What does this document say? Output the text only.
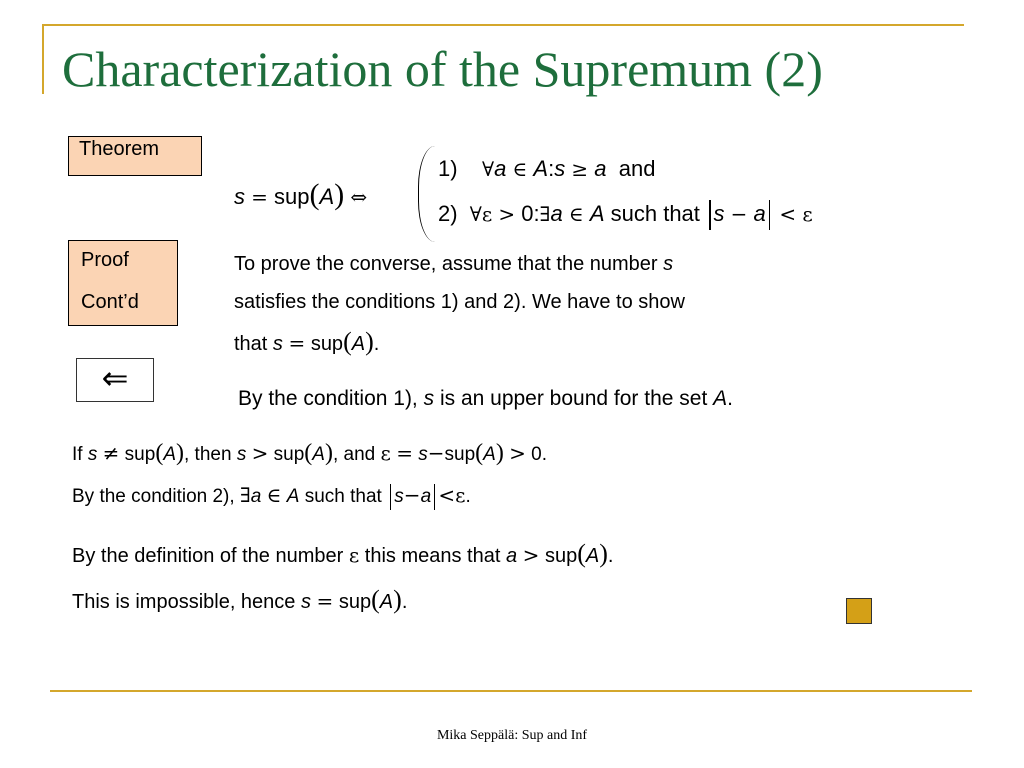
Characterization of the Supremum (2)
Theorem
s = sup(A) ⇔
1) ∀a ∈ A:s ≥ a and
2) ∀ε > 0:∃a ∈ A such that s − a < ε
Proof
Cont’d
⇐
To prove the converse, assume that the number s
satisfies the conditions 1) and 2). We have to show
that s = sup(A).
By the condition 1), s is an upper bound for the set A.
If s ≠ sup(A), then s > sup(A), and ε = s−sup(A) > 0.
By the condition 2), ∃a ∈ A such that s−a <ε.
By the definition of the number ε this means that a > sup(A).
This is impossible, hence s = sup(A).
Mika Seppälä: Sup and Inf
